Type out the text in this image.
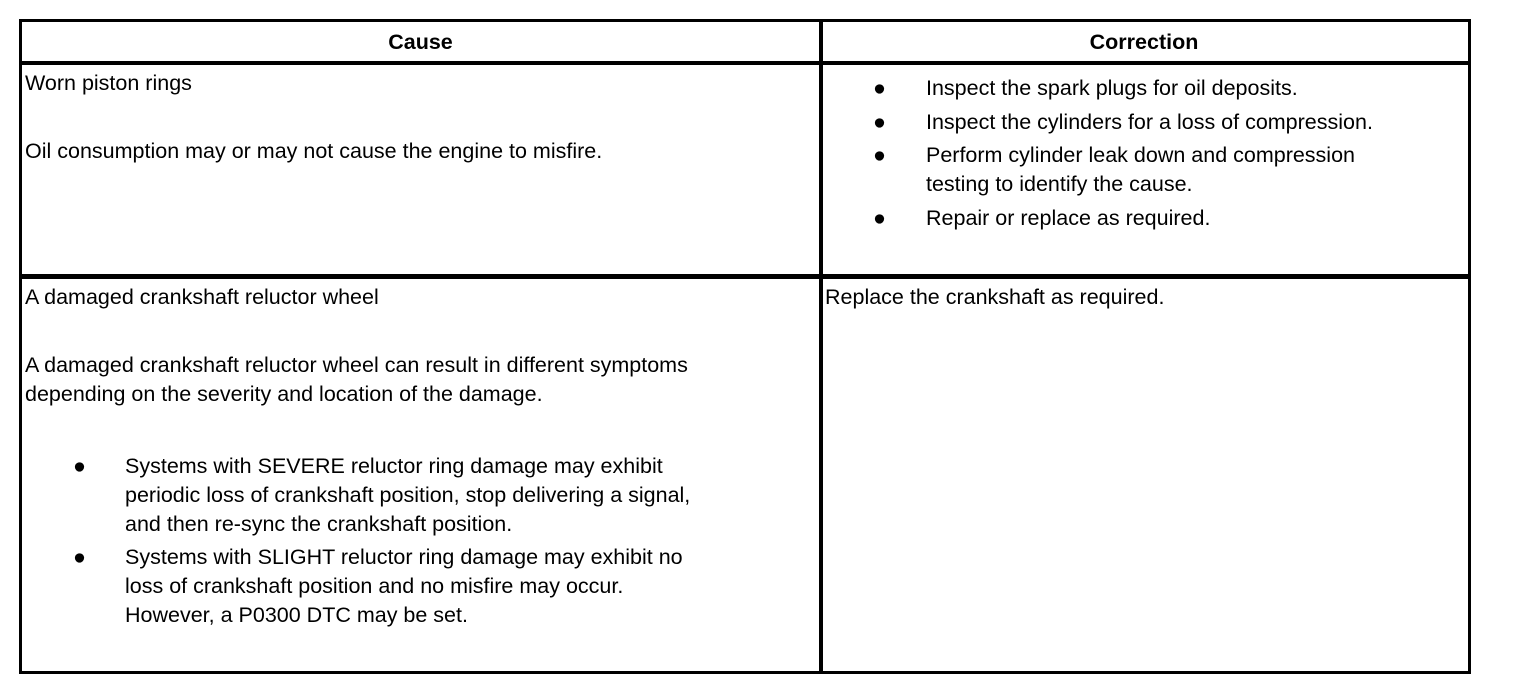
Cause	Correction

Worn piston rings

Oil consumption may or may not cause the engine to misfire.

● Inspect the spark plugs for oil deposits.
● Inspect the cylinders for a loss of compression.
● Perform cylinder leak down and compression
testing to identify the cause.
● Repair or replace as required.

A damaged crankshaft reluctor wheel

A damaged crankshaft reluctor wheel can result in different symptoms

depending on the severity and location of the damage.

● Systems with SEVERE reluctor ring damage may exhibit
periodic loss of crankshaft position, stop delivering a signal,
and then re-sync the crankshaft position.
● Systems with SLIGHT reluctor ring damage may exhibit no
loss of crankshaft position and no misfire may occur.
However, a P0300 DTC may be set.

Replace the crankshaft as required.
